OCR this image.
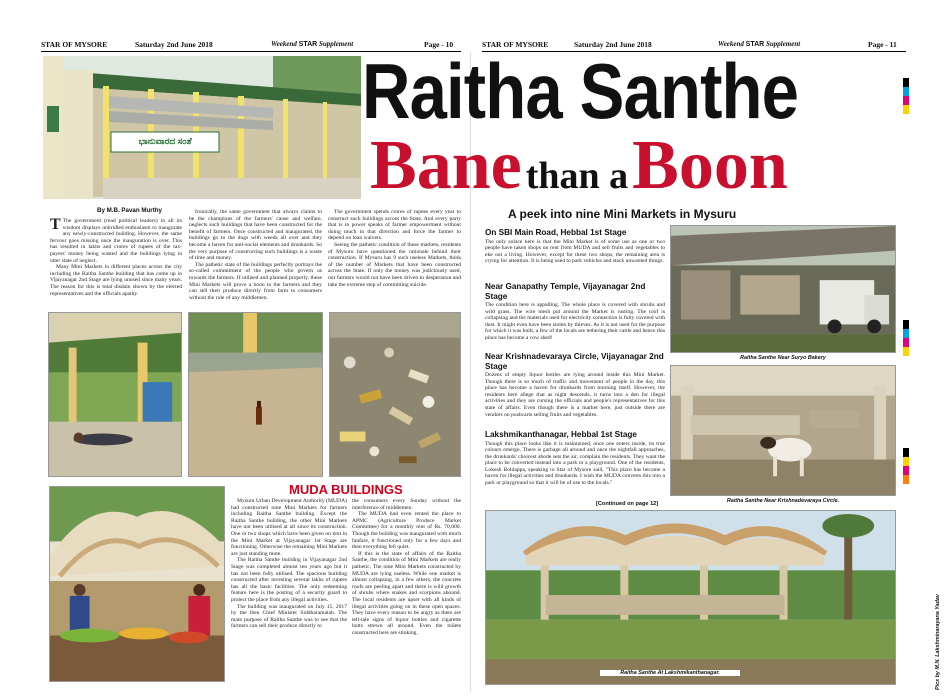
STAR OF MYSORE	Saturday 2nd June 2018	Weekend STAR Supplement	Page - 10	STAR OF MYSORE	Saturday 2nd June 2018	Weekend STAR Supplement	Page - 11
ಭಾನುವಾರದ ಸಂತೆ
Raitha Santhe
Bane than a Boon
A peek into nine Mini Markets in Mysuru
By M.B. Pavan Murthy

T The government (read political leaders) in all its wisdom displays unbridled enthusiasm to inaugurate any newly-constructed building. However, the same fervour goes missing once the inauguration is over. This has resulted in lakhs and crores of rupees of the tax-payers' money being wasted and the buildings lying in utter state of neglect.

Many Mini Markets in different places across the city including the Raitha Santhe building that has come up in Vijayanagar 2nd Stage are lying unused since many years. The reason for this is total disdain shown by the elected representatives and the officials apathy.

Ironically, the same government that always claims to be the champions of the farmers' cause and welfare, neglects such buildings that have been constructed for the benefit of farmers. Once constructed and inaugurated, the buildings go to the dogs with weeds all over and they become a haven for anti-social elements and drunkards. So the very purpose of constructing such buildings is a waste of time and money.

The pathetic state of the buildings perfectly portrays the so-called commitment of the people who govern us towards the farmers. If utilised and planned properly, these Mini Markets will prove a boon to the farmers and they can sell their produce directly from farm to consumers without the role of any middlemen.

The government spends crores of rupees every year to construct such buildings across the State. And every party that is in power speaks of farmer empowerment without doing much in that direction and force the farmer to depend on loan waivers.

Seeing the pathetic condition of these markets, residents of Mysuru have questioned the rationale behind their construction. If Mysuru has 9 such useless Markets, think of the number of Markets that have been constructed across the State. If only the money was judiciously used, our farmers would not have been driven to desperation and take the extreme step of committing suicide.

MUDA BUILDINGS

Mysuru Urban Development Authority (MUDA) had constructed nine Mini Markets for farmers including Raitha Santhe building. Except the Raitha Santhe building, the other Mini Markets have not been utilised at all since its construction. One or two shops which have been given on rent in the Mini Market at Vijayanagar 1st Stage are functioning. Otherwise the remaining Mini Markets are just standing mute.

The Raitha Santhe building in Vijayanagar 2nd Stage was completed almost ten years ago but it has not been fully utilised. The spacious building constructed after investing several lakhs of rupees has all the basic facilities. The only redeeming feature here is the posting of a security guard to protect the place from any illegal activities.

The building was inaugurated on July 15, 2017 by the then Chief Minister Siddharamaiah. The main purpose of Raitha Santhe was to see that the farmers can sell their produce directly to

the consumers every Sunday without the interference of middlemen.

The MUDA had even rented the place to APMC (Agriculture Produce Market Committee) for a monthly rent of Rs. 70,000. Though the building was inaugurated with much fanfare, it functioned only for a few days and then everything fell quiet.

If this is the state of affairs of the Raitha Santhe, the condition of Mini Markets are really pathetic. The nine Mini Markets constructed by MUDA are lying useless. While one market is almost collapsing, in a few others, the concrete roofs are peeling apart and there is wild growth of shrubs where snakes and scorpions abound. The local residents are upset with all kinds of illegal activities going on in these open spaces. They have every reason to be angry as there are tell-tale signs of liquor bottles and cigarette butts strewn all around. Even the toilets constructed here are stinking.

On SBI Main Road, Hebbal 1st Stage
The only solace here is that the Mini Market is of some use as one or two people have taken shops on rent from MUDA and sell fruits and vegetables to eke out a living. However, except for these two shops, the remaining area is crying for attention. It is being used to park vehicles and stack unwanted things.
Near Ganapathy Temple, Vijayanagar 2nd Stage
The condition here is appalling. The whole place is covered with shrubs and wild grass. The wire mesh put around the Market is rusting. The roof is collapsing and the materials used for electricity connection is fully covered with dust. It might even have been stolen by thieves. As it is not used for the purpose for which it was built, a few of the locals are tethering their cattle and hence this place has become a cow shed!
Near Krishnadevaraya Circle, Vijayanagar 2nd Stage
Dozens of empty liquor bottles are lying around inside this Mini Market. Though there is so much of traffic and movement of people in the day, this place has become a haven for drunkards from morning itself. However, the residents here allege that as night descends, it turns into a den for illegal activities and they are cursing the officials and people's representatives for this state of affairs. Even though there is a market here, just outside there are vendors on pushcarts selling fruits and vegetables.
Lakshmikanthanagar, Hebbal 1st Stage
Though this place looks like it is maintained, once one enters inside, its true colours emerge. There is garbage all around and once the nightfall approaches, the drunkards' choicest abode sets the air, complain the residents. They want the place to be converted instead into a park or a playground. One of the residents, Lokesh Boldappa, speaking to Star of Mysore said, "This place has become a haven for illegal activities and drunkards. I wish the MUDA converts this into a park or playground so that it will be of use to the locals."
[Continued on page 12]
Raitha Santhe Near Suryo Bakery
Raitha Santhe Near Krishnadevaraya Circle.
Raitha Santhe At Lakshmikanthanagar.	Pics by M.N. Lakshminarayana Yadav
